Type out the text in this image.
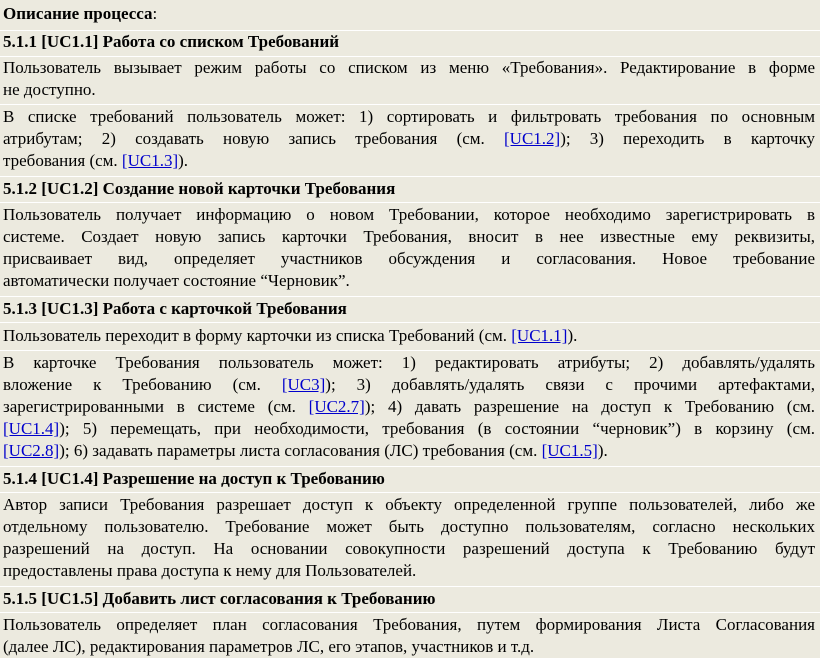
Описание процесса:
5.1.1 [UC1.1] Работа со списком Требований
Пользователь вызывает режим работы со списком из меню «Требования». Редактирование в форме
не доступно.
В списке требований пользователь может: 1) сортировать и фильтровать требования по основным
атрибутам; 2) создавать новую запись требования (см. [UC1.2]); 3) переходить в карточку
требования (см. [UC1.3]).
5.1.2 [UC1.2] Создание новой карточки Требования
Пользователь получает информацию о новом Требовании, которое необходимо зарегистрировать в
системе. Создает новую запись карточки Требования, вносит в нее известные ему реквизиты,
присваивает вид, определяет участников обсуждения и согласования. Новое требование
автоматически получает состояние “Черновик”.
5.1.3 [UC1.3] Работа с карточкой Требования
Пользователь переходит в форму карточки из списка Требований (см. [UC1.1]).
В карточке Требования пользователь может: 1) редактировать атрибуты; 2) добавлять/удалять
вложение к Требованию (см. [UC3]); 3) добавлять/удалять связи с прочими артефактами,
зарегистрированными в системе (см. [UC2.7]); 4) давать разрешение на доступ к Требованию (см.
[UC1.4]); 5) перемещать, при необходимости, требования (в состоянии “черновик”) в корзину (см.
[UC2.8]); 6) задавать параметры листа согласования (ЛС) требования (см. [UC1.5]).
5.1.4 [UC1.4] Разрешение на доступ к Требованию
Автор записи Требования разрешает доступ к объекту определенной группе пользователей, либо же
отдельному пользователю. Требование может быть доступно пользователям, согласно нескольких
разрешений на доступ. На основании совокупности разрешений доступа к Требованию будут
предоставлены права доступа к нему для Пользователей.
5.1.5 [UC1.5] Добавить лист согласования к Требованию
Пользователь определяет план согласования Требования, путем формирования Листа Согласования
(далее ЛС), редактирования параметров ЛС, его этапов, участников и т.д.
